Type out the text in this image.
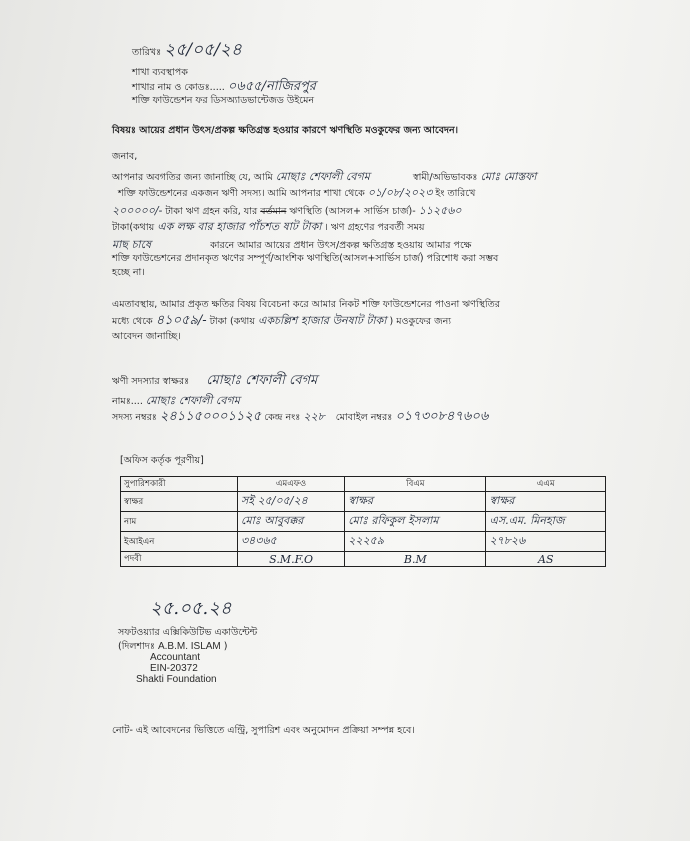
তারিখঃ ২৫/০৫/২৪
শাখা ব্যবস্থাপক
শাখার নাম ও কোডঃ..... ০৬৫৫/নাজিরপুর
শক্তি ফাউন্ডেশন ফর ডিসঅ্যাডভান্টেজড উইমেন
বিষয়ঃ আয়ের প্রধান উৎস/প্রকল্প ক্ষতিগ্রস্ত হওয়ার কারণে ঋণস্থিতি মওকুফের জন্য আবেদন।
জনাব,
আপনার অবগতির জন্য জানাচ্ছি যে, আমি মোছাঃ শেফালী বেগম	স্বামী/অভিভাবকঃ মোঃ মোস্তফা
শক্তি ফাউন্ডেশনের একজন ঋণী সদস্য। আমি আপনার শাখা থেকে ০১/০৮/২০২৩ ইং তারিখে
২০০০০০/- টাকা ঋণ গ্রহন করি, যার বর্তমান ঋণস্থিতি (আসল+ সার্ভিস চার্জ)- ১১২৫৬০
টাকা(কথায় এক লক্ষ বার হাজার পাঁচশত ষাট টাকা । ঋণ গ্রহণের পরবর্তী সময়
মাছ চাষে	কারনে আমার আয়ের প্রধান উৎস/প্রকল্প ক্ষতিগ্রস্ত হওয়ায় আমার পক্ষে
শক্তি ফাউন্ডেশনের প্রদানকৃত ঋণের সম্পূর্ণ/আংশিক ঋণস্থিতি(আসল+সার্ভিস চার্জ) পরিশোধ করা সম্ভব
হচ্ছে না।
এমতাবস্থায়, আমার প্রকৃত ক্ষতির বিষয় বিবেচনা করে আমার নিকট শক্তি ফাউন্ডেশনের পাওনা ঋণস্থিতির
মধ্যে থেকে ৪১০৫৯/- টাকা (কথায় একচল্লিশ হাজার উনষাট টাকা ) মওকুফের জন্য
আবেদন জানাচ্ছি।
ঋণী সদস্যার স্বাক্ষরঃ মোছাঃ শেফালী বেগম
নামঃ.... মোছাঃ শেফালী বেগম
সদস্য নম্বরঃ ২৪১১৫০০০১১২৫ কেন্দ্র নংঃ ২২৮ মোবাইল নম্বরঃ ০১৭৩০৮৪৭৬০৬
[অফিস কর্তৃক পূরণীয়]
সুপারিশকারী	এমএফও	বিএম	এএম
স্বাক্ষর	সই ২৫/০৫/২৪	স্বাক্ষর	স্বাক্ষর
নাম	মোঃ আবুবক্কর	মোঃ রফিকুল ইসলাম	এস.এম. মিনহাজ
ইআইএন	৩৪৩৬৫	২২২৫৯	২৭৮২৬
পদবী	S.M.F.O	B.M	AS
২৫.০৫.২৪
সফটওয়্যার এক্সিকিউটিভ একাউন্টেন্ট
(দিলশাদঃ A.B.M. ISLAM )
Accountant
EIN-20372
Shakti Foundation
নোট- এই আবেদনের ভিত্তিতে এন্ট্রি, সুপারিশ এবং অনুমোদন প্রক্রিয়া সম্পন্ন হবে।
